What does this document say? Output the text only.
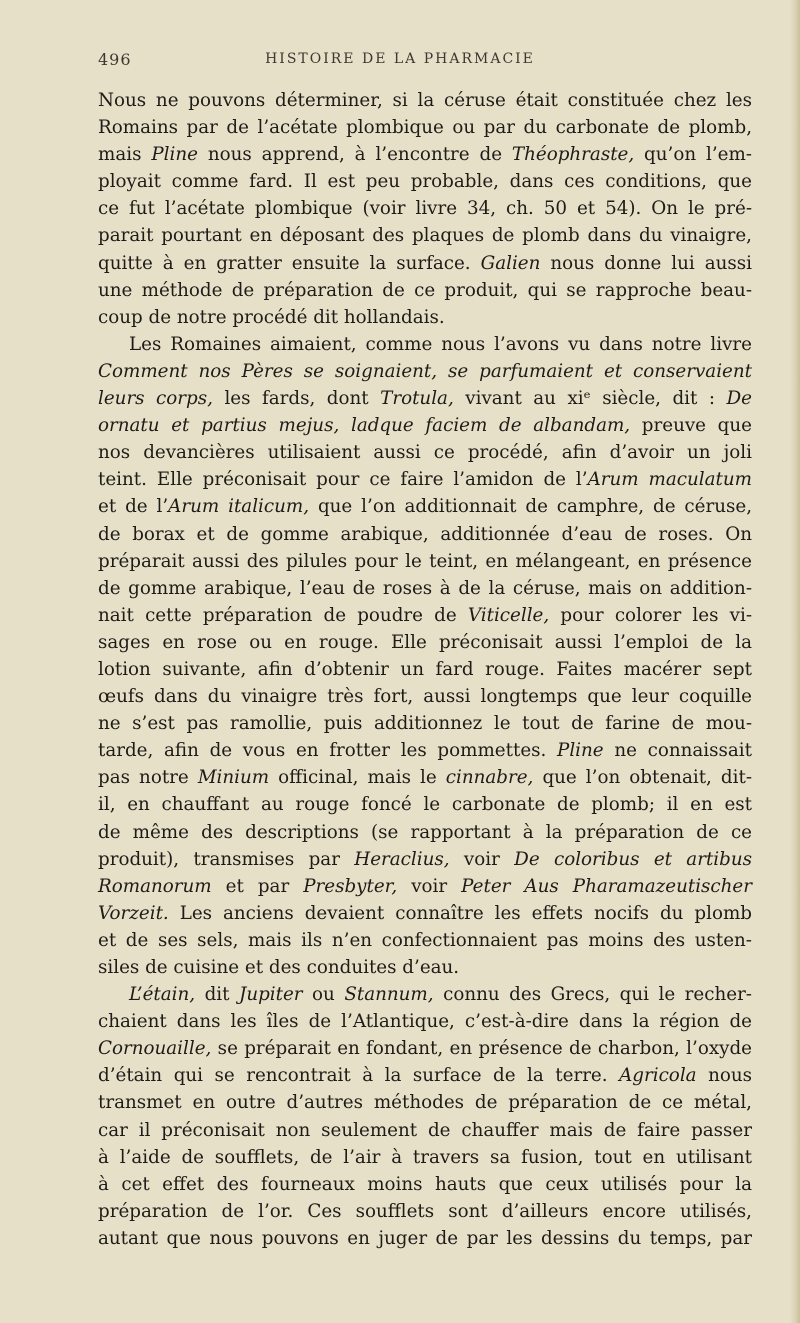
496	HISTOIRE DE LA PHARMACIE
Nous ne pouvons déterminer, si la céruse était constituée chez les
Romains par de l’acétate plombique ou par du carbonate de plomb,
mais Pline nous apprend, à l’encontre de Théophraste, qu’on l’em-
ployait comme fard. Il est peu probable, dans ces conditions, que
ce fut l’acétate plombique (voir livre 34, ch. 50 et 54). On le pré-
parait pourtant en déposant des plaques de plomb dans du vinaigre,
quitte à en gratter ensuite la surface. Galien nous donne lui aussi
une méthode de préparation de ce produit, qui se rapproche beau-
coup de notre procédé dit hollandais.
Les Romaines aimaient, comme nous l’avons vu dans notre livre
Comment nos Pères se soignaient, se parfumaient et conservaient
leurs corps, les fards, dont Trotula, vivant au xiᵉ siècle, dit : De
ornatu et partius mejus, ladque faciem de albandam, preuve que
nos devancières utilisaient aussi ce procédé, afin d’avoir un joli
teint. Elle préconisait pour ce faire l’amidon de l’Arum maculatum
et de l’Arum italicum, que l’on additionnait de camphre, de céruse,
de borax et de gomme arabique, additionnée d’eau de roses. On
préparait aussi des pilules pour le teint, en mélangeant, en présence
de gomme arabique, l’eau de roses à de la céruse, mais on addition-
nait cette préparation de poudre de Viticelle, pour colorer les vi-
sages en rose ou en rouge. Elle préconisait aussi l’emploi de la
lotion suivante, afin d’obtenir un fard rouge. Faites macérer sept
œufs dans du vinaigre très fort, aussi longtemps que leur coquille
ne s’est pas ramollie, puis additionnez le tout de farine de mou-
tarde, afin de vous en frotter les pommettes. Pline ne connaissait
pas notre Minium officinal, mais le cinnabre, que l’on obtenait, dit-
il, en chauffant au rouge foncé le carbonate de plomb; il en est
de même des descriptions (se rapportant à la préparation de ce
produit), transmises par Heraclius, voir De coloribus et artibus
Romanorum et par Presbyter, voir Peter Aus Pharamazeutischer
Vorzeit. Les anciens devaient connaître les effets nocifs du plomb
et de ses sels, mais ils n’en confectionnaient pas moins des usten-
siles de cuisine et des conduites d’eau.
L’étain, dit Jupiter ou Stannum, connu des Grecs, qui le recher-
chaient dans les îles de l’Atlantique, c’est-à-dire dans la région de
Cornouaille, se préparait en fondant, en présence de charbon, l’oxyde
d’étain qui se rencontrait à la surface de la terre. Agricola nous
transmet en outre d’autres méthodes de préparation de ce métal,
car il préconisait non seulement de chauffer mais de faire passer
à l’aide de soufflets, de l’air à travers sa fusion, tout en utilisant
à cet effet des fourneaux moins hauts que ceux utilisés pour la
préparation de l’or. Ces soufflets sont d’ailleurs encore utilisés,
autant que nous pouvons en juger de par les dessins du temps, par
